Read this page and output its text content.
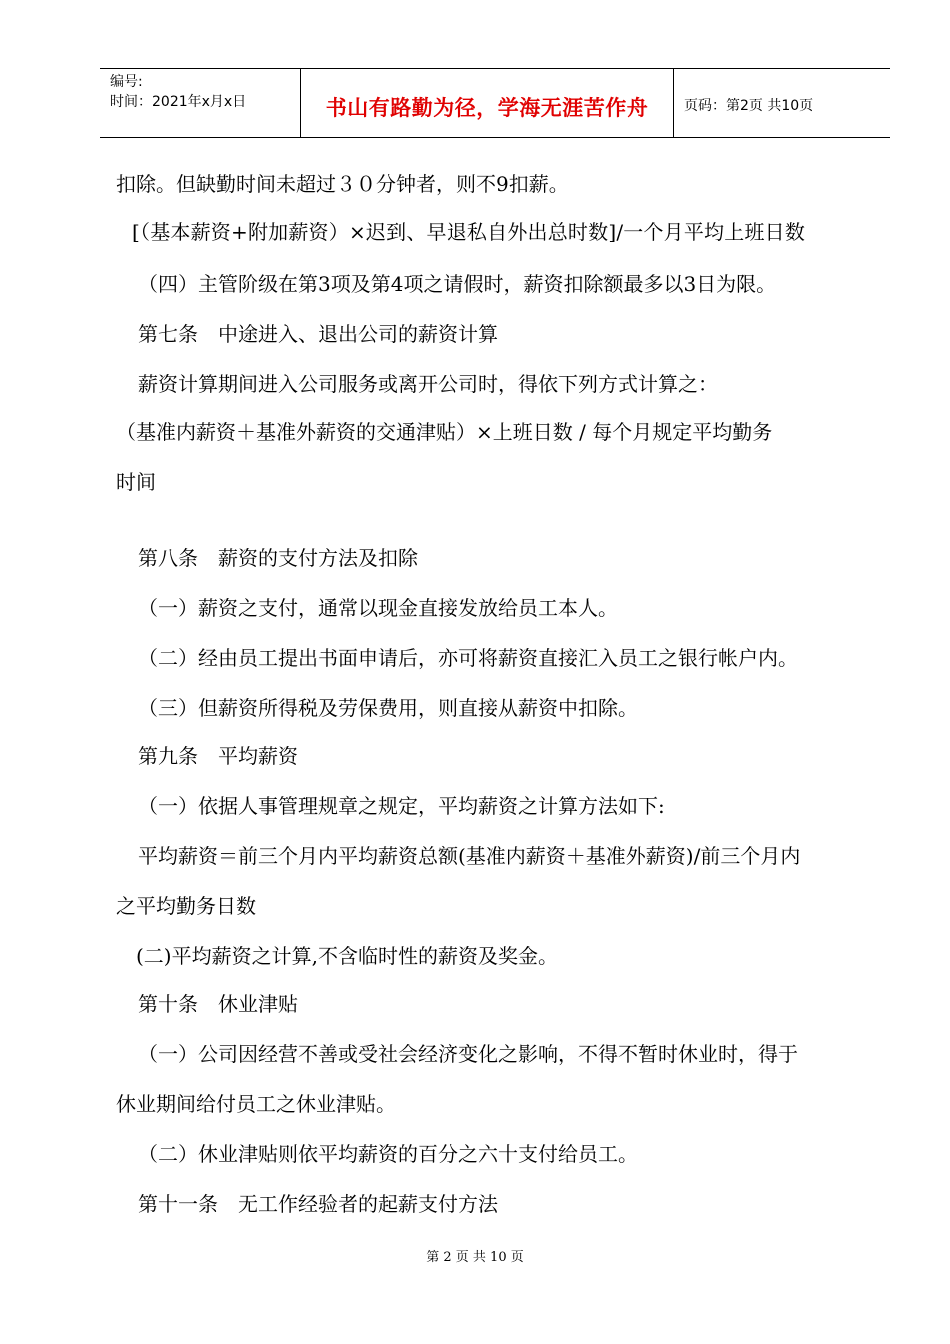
编号:
时间：2021年x月x日	书山有路勤为径，学海无涯苦作舟	页码：第2页 共10页
扣除。但缺勤时间未超过３０分钟者，则不9扣薪。
[（基本薪资+附加薪资）×迟到、早退私自外出总时数]/一个月平均上班日数
（四）主管阶级在第3项及第4项之请假时，薪资扣除额最多以3日为限。
第七条　中途进入、退出公司的薪资计算
薪资计算期间进入公司服务或离开公司时，得依下列方式计算之：
（基准内薪资＋基准外薪资的交通津贴）×上班日数 / 每个月规定平均勤务
时间
第八条　薪资的支付方法及扣除
（一）薪资之支付，通常以现金直接发放给员工本人。
（二）经由员工提出书面申请后，亦可将薪资直接汇入员工之银行帐户内。
（三）但薪资所得税及劳保费用，则直接从薪资中扣除。
第九条　平均薪资
（一）依据人事管理规章之规定，平均薪资之计算方法如下:
平均薪资＝前三个月内平均薪资总额(基准内薪资＋基准外薪资)/前三个月内
之平均勤务日数
(二)平均薪资之计算,不含临时性的薪资及奖金。
第十条　休业津贴
（一）公司因经营不善或受社会经济变化之影响，不得不暂时休业时，得于
休业期间给付员工之休业津贴。
（二）休业津贴则依平均薪资的百分之六十支付给员工。
第十一条　无工作经验者的起薪支付方法
第 2 页 共 10 页
